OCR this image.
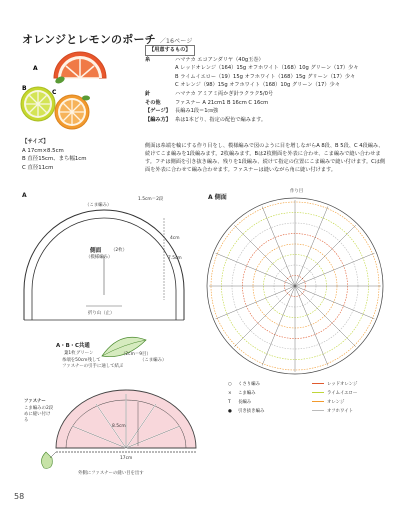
オレンジとレモンのポーチ ／16ページ
A
B
C
【用意するもの】
糸	ハマナカ エコアンダリヤ（40g玉巻）
A レッドオレンジ（164）15g オフホワイト（168）10g グリーン（17）少々
B ライムイエロー（19）15g オフホワイト（168）15g グリーン（17）少々
C オレンジ（98）15g オフホワイト（168）10g グリーン（17）少々
針	ハマナカ アミアミ両かぎ針ラクラク5/0号
その他	ファスナー A 21cm1 B 16cm C 16cm
【ゲージ】 長編み1段＝1㎝強
【編み方】 糸は1本どり、指定の配色で編みます。
【サイズ】
A 17cm×8.5cm
B 直径15cm、まち幅1cm
C 直径11cm
側面は糸端を輪にする作り目をし、模様編みで図のように目を増しながらA 8段、B 5段、C 4段編み、続けてこま編みを1段編みます。2枚編みます。Bは2枚側面を外表に合わせ、こま編みで縫い合わせます。フチは側面を引き抜き編み、残りを1段編み、続けて指定の位置にこま編みで縫い付けます。Cは側面を外表に合わせて編み合わせます。ファスナーは縫いながら角に縫い付けます。
A
（こま編み）
1.5cm＝2段
4cm
7.5cm
側面 （2枚）
（模様編み）
折り山（止）
A 側面
作り目
A・B・C共通
葉1枚 グリーン
糸端を50cm残して
ファスナーの引手に通して結ぶ
（2cm＝9目）
（こま編み）
ファスナー
こま編みの2段めに縫い付ける
8.5cm
17cm
外側にファスナーの縫い目を出す
○ くさり編み
× こま編み
T 長編み
● 引き抜き編み
レッドオレンジ
ライムイエロー
オレンジ
オフホワイト
58
